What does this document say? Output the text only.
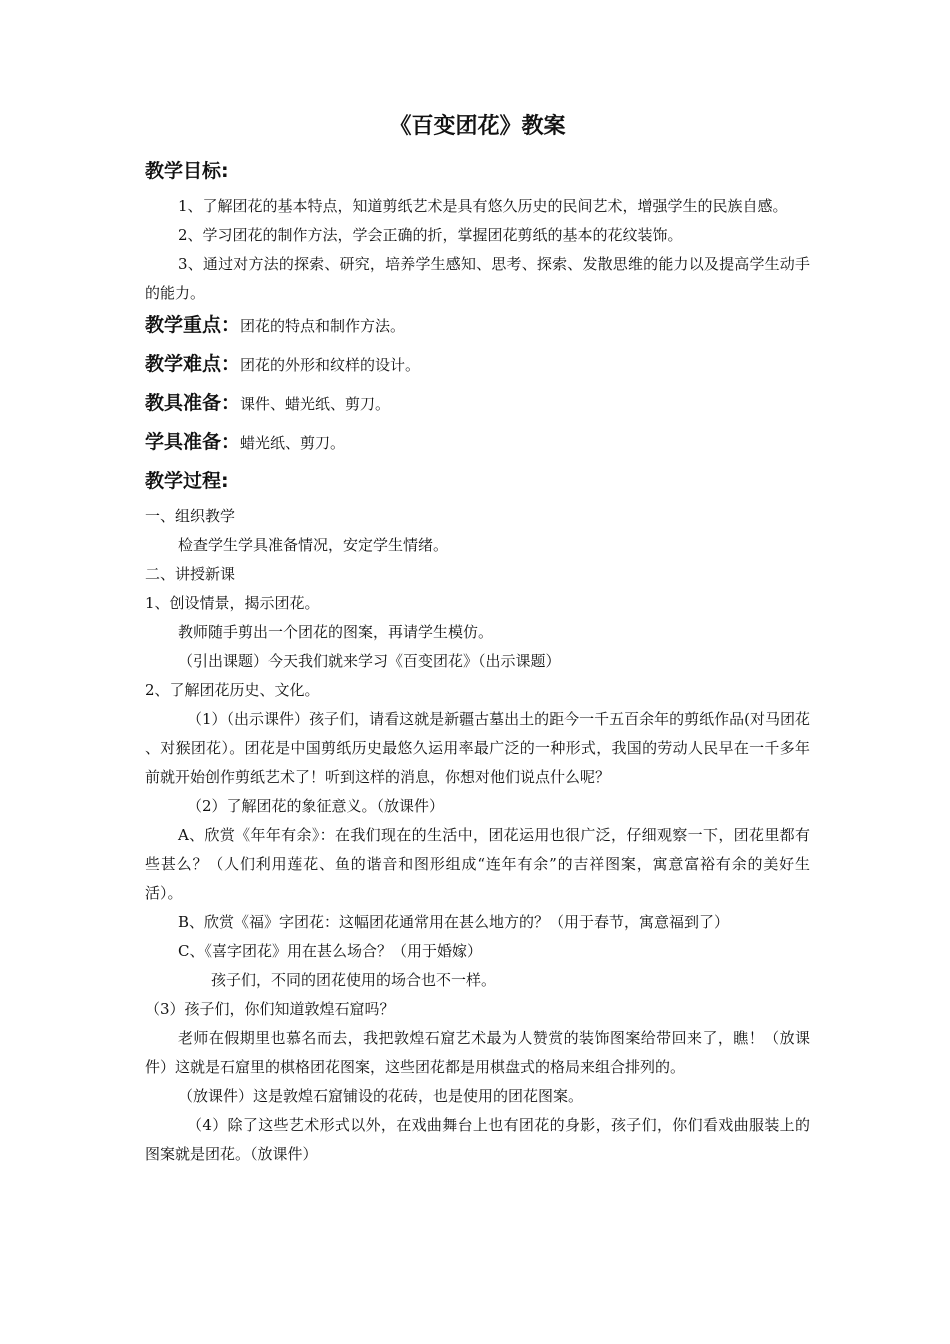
《百变团花》教案
教学目标:

1、了解团花的基本特点，知道剪纸艺术是具有悠久历史的民间艺术，增强学生的民族自感。

2、学习团花的制作方法，学会正确的折，掌握团花剪纸的基本的花纹装饰。

3、通过对方法的探索、研究，培养学生感知、思考、探索、发散思维的能力以及提高学生动手的能力。

教学重点：团花的特点和制作方法。
教学难点：团花的外形和纹样的设计。
教具准备：课件、蜡光纸、剪刀。
学具准备：蜡光纸、剪刀。
教学过程:

一、组织教学

检查学生学具准备情况，安定学生情绪。

二、讲授新课

1、创设情景，揭示团花。

教师随手剪出一个团花的图案，再请学生模仿。

（引出课题）今天我们就来学习《百变团花》（出示课题）

2、了解团花历史、文化。

（1）（出示课件）孩子们，请看这就是新疆古墓出土的距今一千五百余年的剪纸作品(对马团花 、对猴团花）。团花是中国剪纸历史最悠久运用率最广泛的一种形式，我国的劳动人民早在一千多年前就开始创作剪纸艺术了！听到这样的消息，你想对他们说点什么呢？

（2）了解团花的象征意义。（放课件）

A、欣赏《年年有余》：在我们现在的生活中，团花运用也很广泛，仔细观察一下，团花里都有些甚么？（人们利用莲花、鱼的谐音和图形组成“连年有余”的吉祥图案，寓意富裕有余的美好生活）。

B、欣赏《福》字团花：这幅团花通常用在甚么地方的？（用于春节，寓意福到了）

C、《喜字团花》用在甚么场合？（用于婚嫁）

孩子们，不同的团花使用的场合也不一样。

（3）孩子们，你们知道敦煌石窟吗？

老师在假期里也慕名而去，我把敦煌石窟艺术最为人赞赏的装饰图案给带回来了，瞧！（放课件）这就是石窟里的棋格团花图案，这些团花都是用棋盘式的格局来组合排列的。

（放课件）这是敦煌石窟铺设的花砖，也是使用的团花图案。

（4）除了这些艺术形式以外，在戏曲舞台上也有团花的身影，孩子们，你们看戏曲服装上的图案就是团花。（放课件）
